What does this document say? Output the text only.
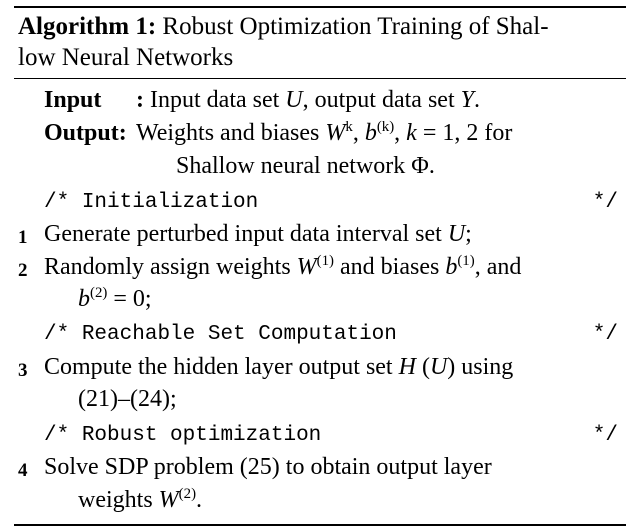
Algorithm 1: Robust Optimization Training of Shal-
low Neural Networks
Input	: Input data set U, output data set Y.
Output: Weights and biases $W^k$, $b^{(k)}$, k = 1, 2 for
Shallow neural network Φ.
/* Initialization	*/
1 Generate perturbed input data interval set U;
2 Randomly assign weights $W^{(1)}$ and biases $b^{(1)}$, and
$b^{(2)} = 0$;
/* Reachable Set Computation	*/
3 Compute the hidden layer output set H (U) using
(21)–(24);
/* Robust optimization	*/
4 Solve SDP problem (25) to obtain output layer
weights $W^{(2)}$.
